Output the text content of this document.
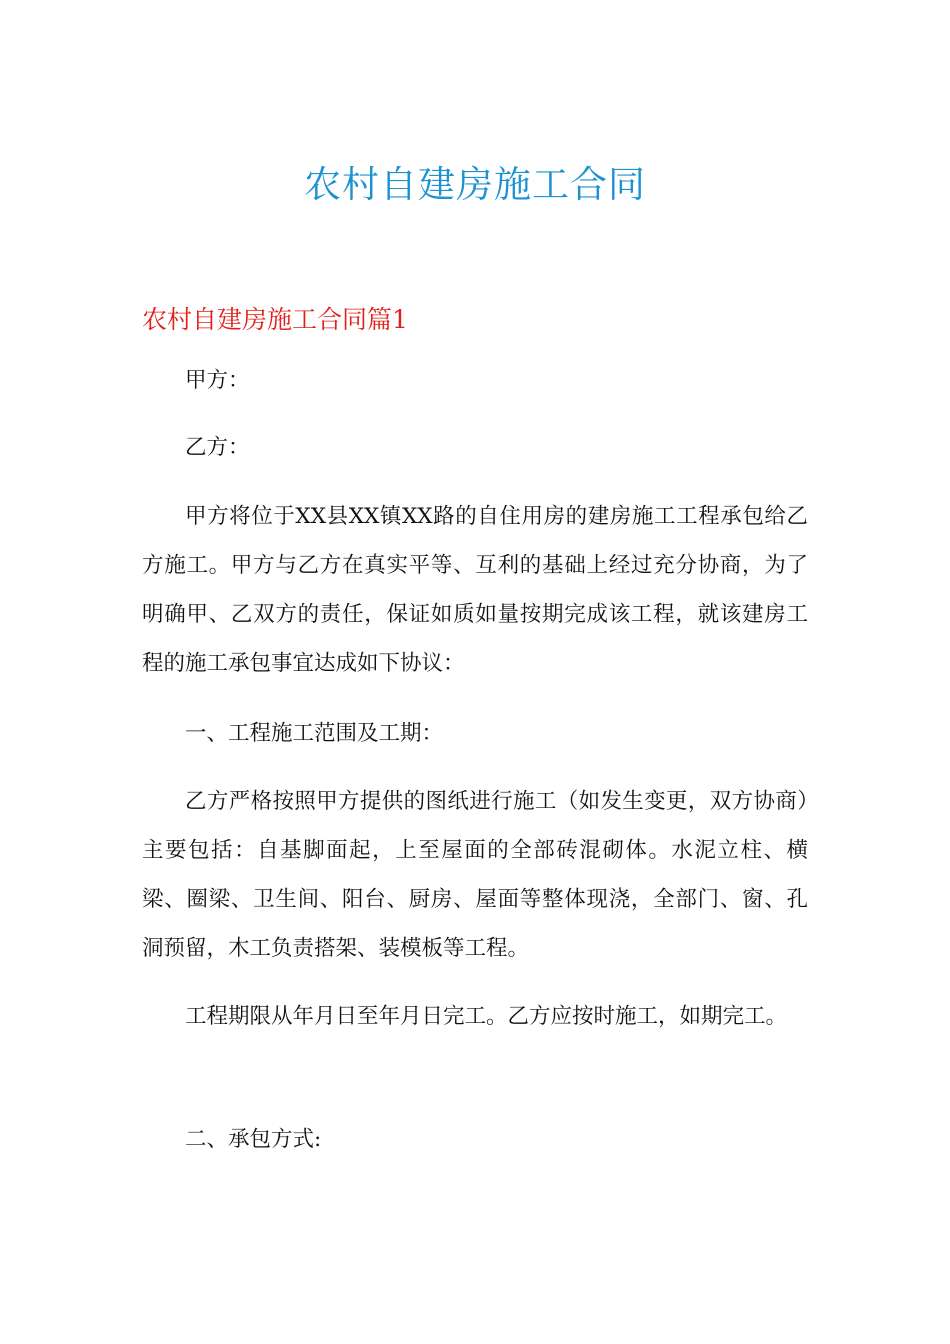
农村自建房施工合同
农村自建房施工合同篇1

甲方：

乙方：

甲方将位于XX县XX镇XX路的自住用房的建房施工工程承包给乙方施工。甲方与乙方在真实平等、互利的基础上经过充分协商，为了明确甲、乙双方的责任，保证如质如量按期完成该工程，就该建房工程的施工承包事宜达成如下协议：

一、工程施工范围及工期：

乙方严格按照甲方提供的图纸进行施工（如发生变更，双方协商）主要包括：自基脚面起，上至屋面的全部砖混砌体。水泥立柱、横梁、圈梁、卫生间、阳台、厨房、屋面等整体现浇，全部门、窗、孔洞预留，木工负责搭架、装模板等工程。

工程期限从年月日至年月日完工。乙方应按时施工，如期完工。

二、承包方式:
